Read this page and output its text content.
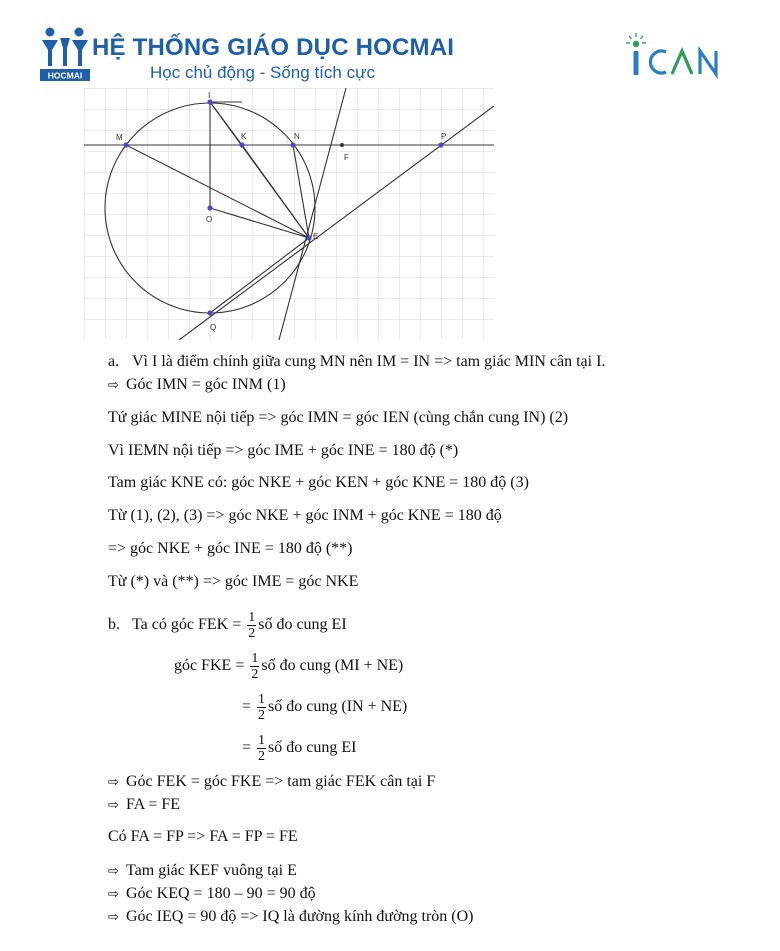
HOCMAI
HỆ THỐNG GIÁO DỤC HOCMAI
Học chủ động - Sống tích cực
I
M	K	N	P
F
O
E
Q
a. Vì I là điểm chính giữa cung MN nên IM = IN => tam giác MIN cân tại I.
⇨ Góc IMN = góc INM (1)
Tứ giác MINE nội tiếp => góc IMN = góc IEN (cùng chắn cung IN) (2)
Vì IEMN nội tiếp => góc IME + góc INE = 180 độ (*)
Tam giác KNE có: góc NKE + góc KEN + góc KNE = 180 độ (3)
Từ (1), (2), (3) => góc NKE + góc INM + góc KNE = 180 độ
=> góc NKE + góc INE = 180 độ (**)
Từ (*) và (**) => góc IME = góc NKE
b. Ta có góc FEK = $\frac{1}{2}$ số đo cung EI
góc FKE = $\frac{1}{2}$ số đo cung (MI + NE)
= $\frac{1}{2}$ số đo cung (IN + NE)
= $\frac{1}{2}$ số đo cung EI
⇨ Góc FEK = góc FKE => tam giác FEK cân tại F
⇨ FA = FE
Có FA = FP => FA = FP = FE
⇨ Tam giác KEF vuông tại E
⇨ Góc KEQ = 180 – 90 = 90 độ
⇨ Góc IEQ = 90 độ => IQ là đường kính đường tròn (O)
